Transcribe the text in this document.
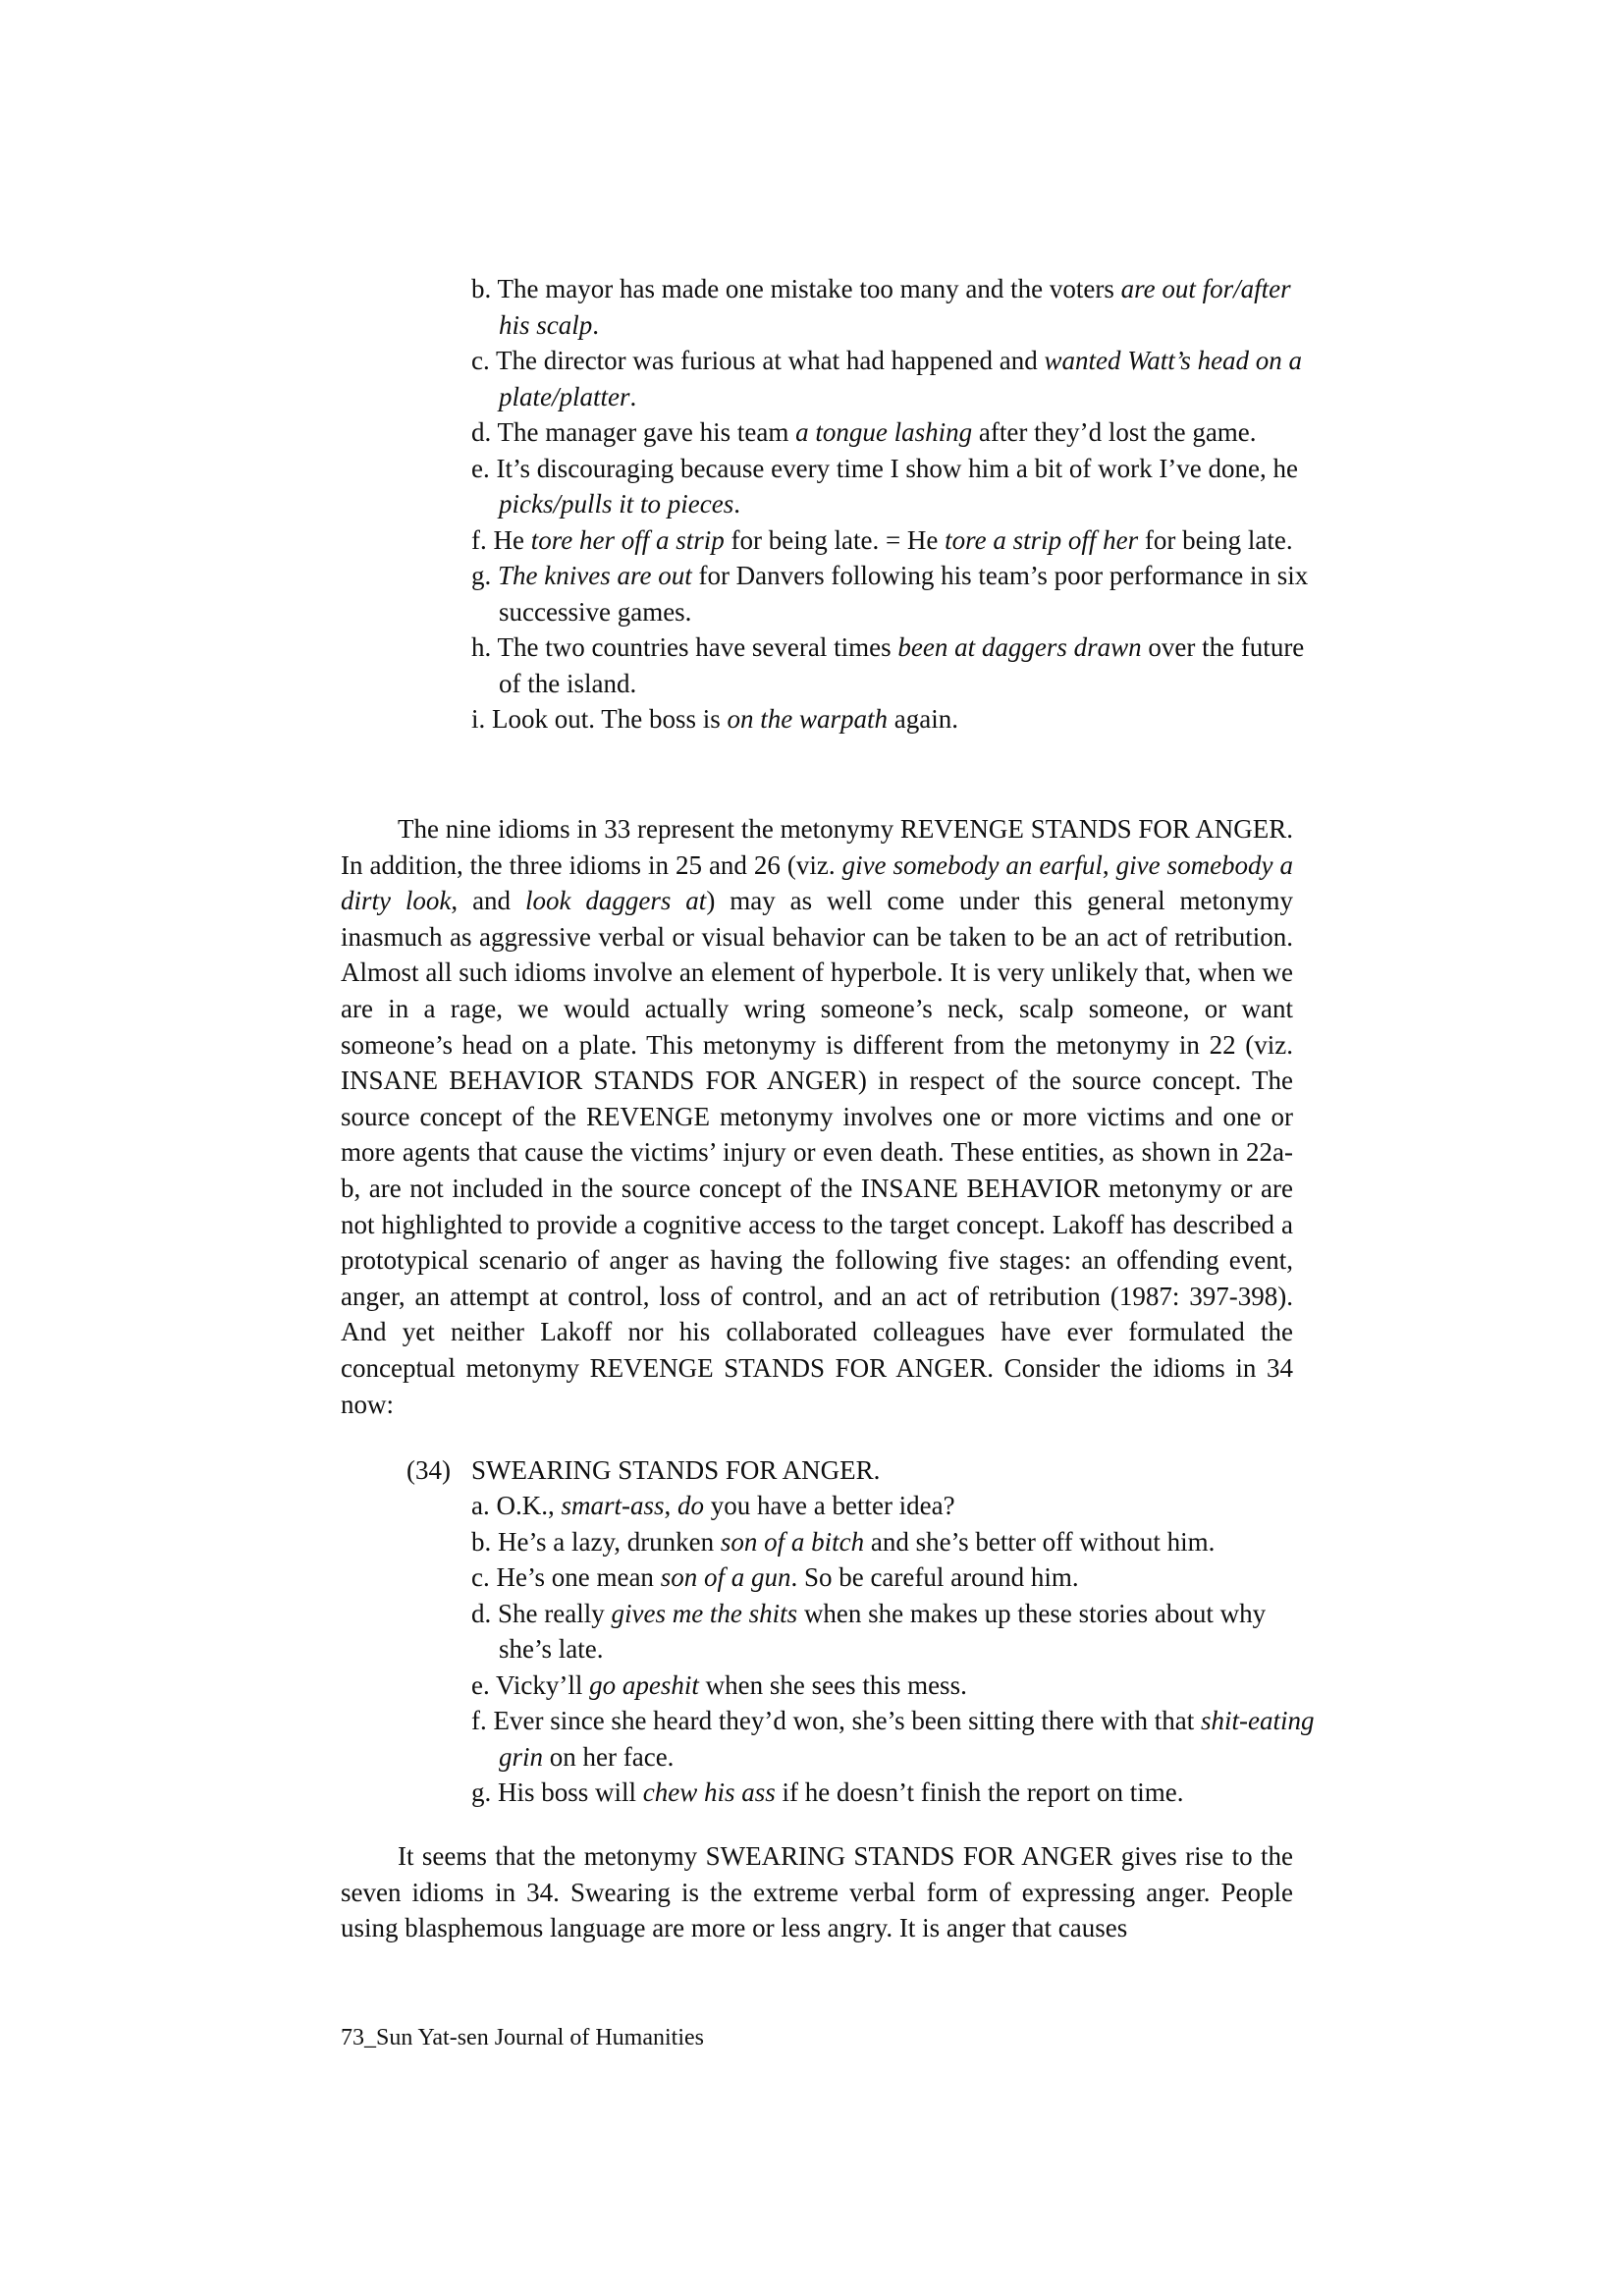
b. The mayor has made one mistake too many and the voters are out for/after his scalp.
c. The director was furious at what had happened and wanted Watt’s head on a plate/platter.
d. The manager gave his team a tongue lashing after they’d lost the game.
e. It’s discouraging because every time I show him a bit of work I’ve done, he picks/pulls it to pieces.
f. He tore her off a strip for being late. = He tore a strip off her for being late.
g. The knives are out for Danvers following his team’s poor performance in six successive games.
h. The two countries have several times been at daggers drawn over the future of the island.
i. Look out. The boss is on the warpath again.

The nine idioms in 33 represent the metonymy REVENGE STANDS FOR ANGER. In addition, the three idioms in 25 and 26 (viz. give somebody an earful, give somebody a dirty look, and look daggers at) may as well come under this general metonymy inasmuch as aggressive verbal or visual behavior can be taken to be an act of retribution. Almost all such idioms involve an element of hyperbole. It is very unlikely that, when we are in a rage, we would actually wring someone’s neck, scalp someone, or want someone’s head on a plate. This metonymy is different from the metonymy in 22 (viz. INSANE BEHAVIOR STANDS FOR ANGER) in respect of the source concept. The source concept of the REVENGE metonymy involves one or more victims and one or more agents that cause the victims’ injury or even death. These entities, as shown in 22a-b, are not included in the source concept of the INSANE BEHAVIOR metonymy or are not highlighted to provide a cognitive access to the target concept. Lakoff has described a prototypical scenario of anger as having the following five stages: an offending event, anger, an attempt at control, loss of control, and an act of retribution (1987: 397-398). And yet neither Lakoff nor his collaborated colleagues have ever formulated the conceptual metonymy REVENGE STANDS FOR ANGER. Consider the idioms in 34 now:

(34) SWEARING STANDS FOR ANGER.
a. O.K., smart-ass, do you have a better idea?
b. He’s a lazy, drunken son of a bitch and she’s better off without him.
c. He’s one mean son of a gun. So be careful around him.
d. She really gives me the shits when she makes up these stories about why she’s late.
e. Vicky’ll go apeshit when she sees this mess.
f. Ever since she heard they’d won, she’s been sitting there with that shit-eating grin on her face.
g. His boss will chew his ass if he doesn’t finish the report on time.

It seems that the metonymy SWEARING STANDS FOR ANGER gives rise to the seven idioms in 34. Swearing is the extreme verbal form of expressing anger. People using blasphemous language are more or less angry. It is anger that causes

73_Sun Yat-sen Journal of Humanities
